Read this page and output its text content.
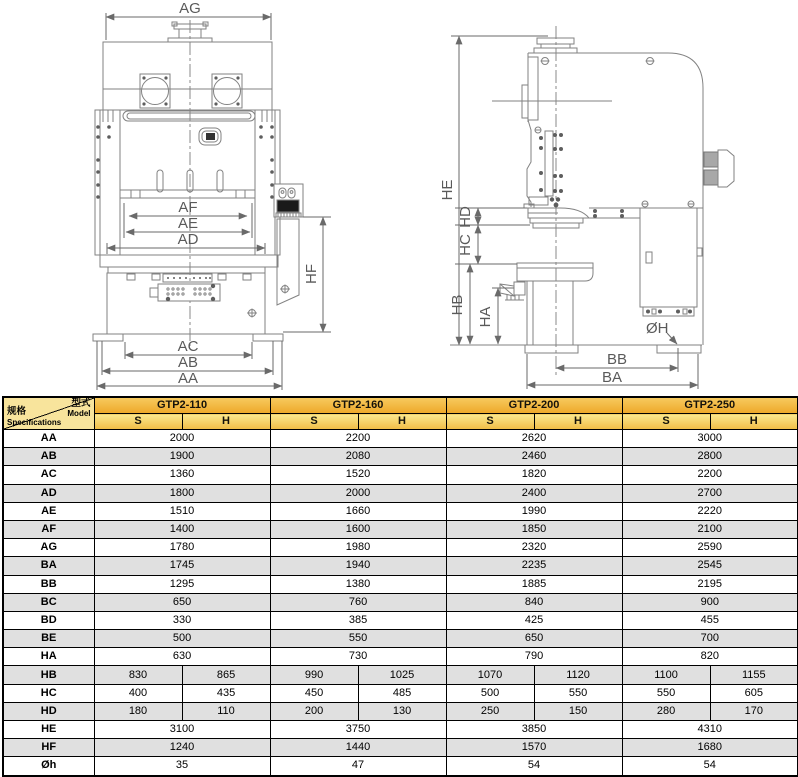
AG
AF
AE
AD
HF
AC
AB
AA
HE
HD
HC
HB
HA
BB
BA
ØH
型式
Model
规格
Specifications	GTP2-110		GTP2-160		GTP2-200		GTP2-250	
	S	H	S	H	S	H	S	H
AA	2000		2200		2620		3000	
AB	1900		2080		2460		2800	
AC	1360		1520		1820		2200	
AD	1800		2000		2400		2700	
AE	1510		1660		1990		2220	
AF	1400		1600		1850		2100	
AG	1780		1980		2320		2590	
BA	1745		1940		2235		2545	
BB	1295		1380		1885		2195	
BC	650		760		840		900	
BD	330		385		425		455	
BE	500		550		650		700	
HA	630		730		790		820	
HB	830	865	990	1025	1070	1120	1100	1155
HC	400	435	450	485	500	550	550	605
HD	180	110	200	130	250	150	280	170
HE	3100		3750		3850		4310	
HF	1240		1440		1570		1680	
Øh	35		47		54		54	
